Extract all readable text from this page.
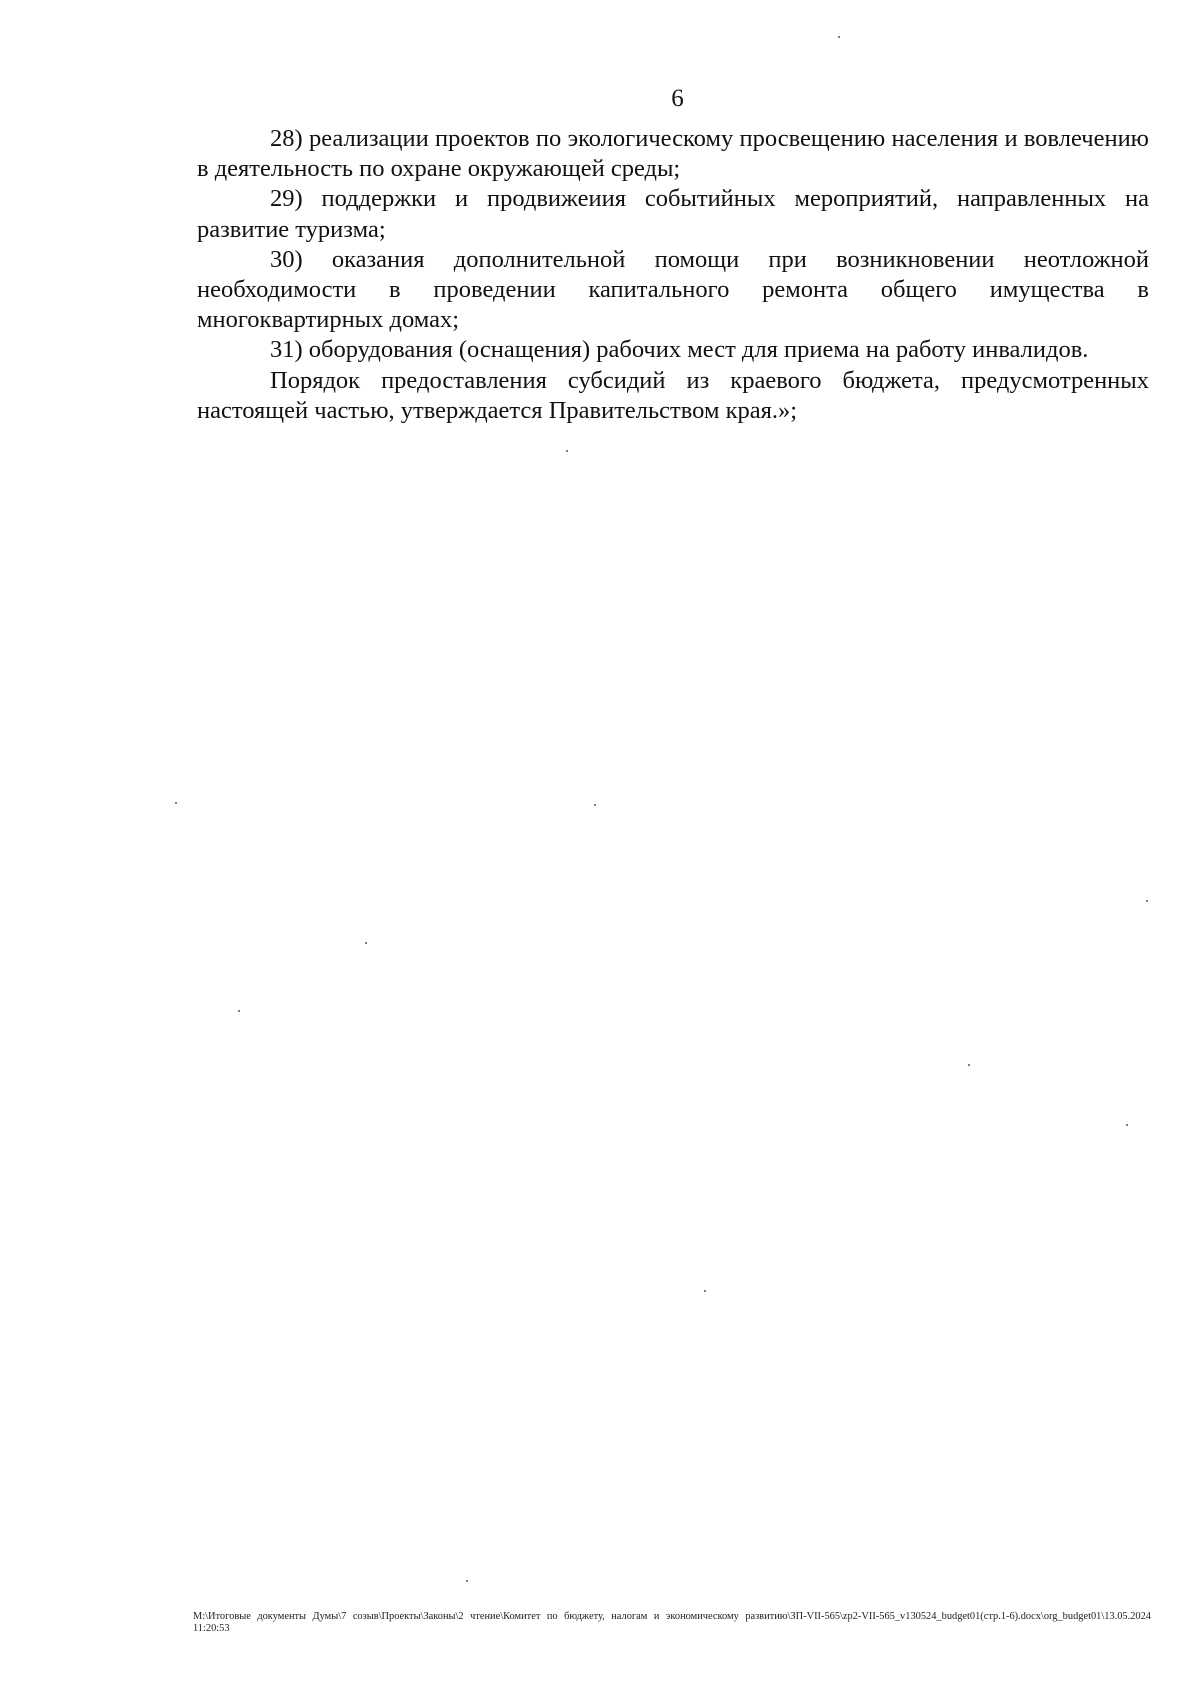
6

28) реализации проектов по экологическому просвещению населения и вовлечению в деятельность по охране окружающей среды;

29) поддержки и продвижеиия событийных мероприятий, направленных на развитие туризма;

30) оказания дополнительной помощи при возникновении неотложной необходимости в проведении капитального ремонта общего имущества в многоквартирных домах;

31) оборудования (оснащения) рабочих мест для приема на работу инвалидов.

Порядок предоставления субсидий из краевого бюджета, предусмотренных настоящей частью, утверждается Правительством края.»;

M:\Итоговые документы Думы\7 созыв\Проекты\Законы\2 чтение\Комитет по бюджету, налогам и экономическому развитию\ЗП-VII-565\zp2-VII-565_v130524_budget01(стр.1-6).docx\org_budget01\13.05.2024 11:20:53
